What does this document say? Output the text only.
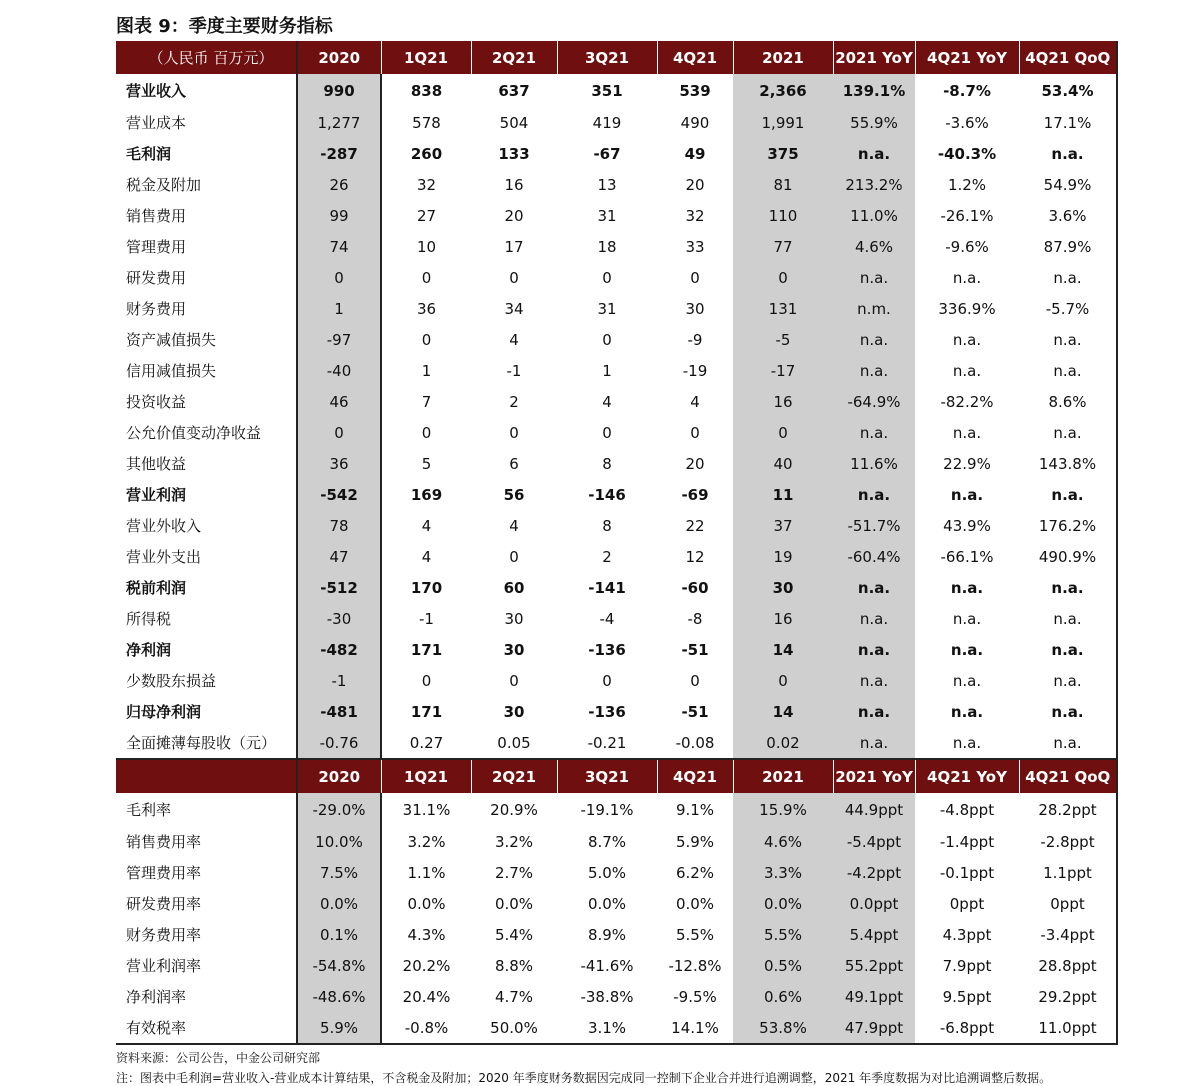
图表 9：季度主要财务指标
（人民币 百万元）	2020	1Q21	2Q21	3Q21	4Q21	2021	2021 YoY	4Q21 YoY	4Q21 QoQ
营业收入	990	838	637	351	539	2,366	139.1%	-8.7%	53.4%
营业成本	1,277	578	504	419	490	1,991	55.9%	-3.6%	17.1%
毛利润	-287	260	133	-67	49	375	n.a.	-40.3%	n.a.
税金及附加	26	32	16	13	20	81	213.2%	1.2%	54.9%
销售费用	99	27	20	31	32	110	11.0%	-26.1%	3.6%
管理费用	74	10	17	18	33	77	4.6%	-9.6%	87.9%
研发费用	0	0	0	0	0	0	n.a.	n.a.	n.a.
财务费用	1	36	34	31	30	131	n.m.	336.9%	-5.7%
资产减值损失	-97	0	4	0	-9	-5	n.a.	n.a.	n.a.
信用减值损失	-40	1	-1	1	-19	-17	n.a.	n.a.	n.a.
投资收益	46	7	2	4	4	16	-64.9%	-82.2%	8.6%
公允价值变动净收益	0	0	0	0	0	0	n.a.	n.a.	n.a.
其他收益	36	5	6	8	20	40	11.6%	22.9%	143.8%
营业利润	-542	169	56	-146	-69	11	n.a.	n.a.	n.a.
营业外收入	78	4	4	8	22	37	-51.7%	43.9%	176.2%
营业外支出	47	4	0	2	12	19	-60.4%	-66.1%	490.9%
税前利润	-512	170	60	-141	-60	30	n.a.	n.a.	n.a.
所得税	-30	-1	30	-4	-8	16	n.a.	n.a.	n.a.
净利润	-482	171	30	-136	-51	14	n.a.	n.a.	n.a.
少数股东损益	-1	0	0	0	0	0	n.a.	n.a.	n.a.
归母净利润	-481	171	30	-136	-51	14	n.a.	n.a.	n.a.
全面摊薄每股收（元）	-0.76	0.27	0.05	-0.21	-0.08	0.02	n.a.	n.a.	n.a.
	2020	1Q21	2Q21	3Q21	4Q21	2021	2021 YoY	4Q21 YoY	4Q21 QoQ
毛利率	-29.0%	31.1%	20.9%	-19.1%	9.1%	15.9%	44.9ppt	-4.8ppt	28.2ppt
销售费用率	10.0%	3.2%	3.2%	8.7%	5.9%	4.6%	-5.4ppt	-1.4ppt	-2.8ppt
管理费用率	7.5%	1.1%	2.7%	5.0%	6.2%	3.3%	-4.2ppt	-0.1ppt	1.1ppt
研发费用率	0.0%	0.0%	0.0%	0.0%	0.0%	0.0%	0.0ppt	0ppt	0ppt
财务费用率	0.1%	4.3%	5.4%	8.9%	5.5%	5.5%	5.4ppt	4.3ppt	-3.4ppt
营业利润率	-54.8%	20.2%	8.8%	-41.6%	-12.8%	0.5%	55.2ppt	7.9ppt	28.8ppt
净利润率	-48.6%	20.4%	4.7%	-38.8%	-9.5%	0.6%	49.1ppt	9.5ppt	29.2ppt
有效税率	5.9%	-0.8%	50.0%	3.1%	14.1%	53.8%	47.9ppt	-6.8ppt	11.0ppt
资料来源：公司公告，中金公司研究部
注：图表中毛利润=营业收入-营业成本计算结果，不含税金及附加；2020 年季度财务数据因完成同一控制下企业合并进行追溯调整，2021 年季度数据为对比追溯调整后数据。
